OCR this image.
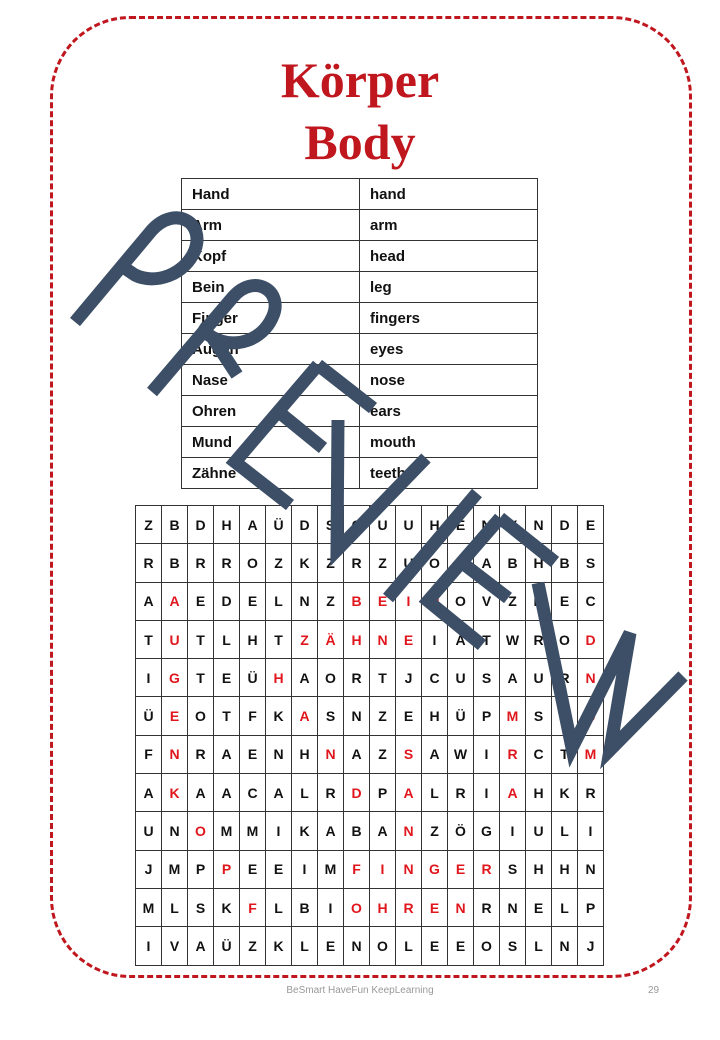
Körper
Body
Hand	hand
Arm	arm
Kopf	head
Bein	leg
Finger	fingers
Augen	eyes
Nase	nose
Ohren	ears
Mund	mouth
Zähne	teeth
Z	B	D	H	A	Ü	D	S	C	U	U	H	E	N	Y	N	D	E
R	B	R	R	O	Z	K	Z	R	Z	U	O	A	A	B	H	B	S
A	A	E	D	E	L	N	Z	B	E	I	N	O	V	Z	R	E	C
T	U	T	L	H	T	Z	Ä	H	N	E	I	A	T	W	R	O	D
I	G	T	E	Ü	H	A	O	R	T	J	C	U	S	A	U	R	N
Ü	E	O	T	F	K	A	S	N	Z	E	H	Ü	P	M	S	W	U
F	N	R	A	E	N	H	N	A	Z	S	A	W	I	R	C	T	M
A	K	A	A	C	A	L	R	D	P	A	L	R	I	A	H	K	R
U	N	O	M	M	I	K	A	B	A	N	Z	Ö	G	I	U	L	I
J	M	P	P	E	E	I	M	F	I	N	G	E	R	S	H	H	N
M	L	S	K	F	L	B	I	O	H	R	E	N	R	N	E	L	P
I	V	A	Ü	Z	K	L	E	N	O	L	E	E	O	S	L	N	J
BeSmart HaveFun KeepLearning	29
